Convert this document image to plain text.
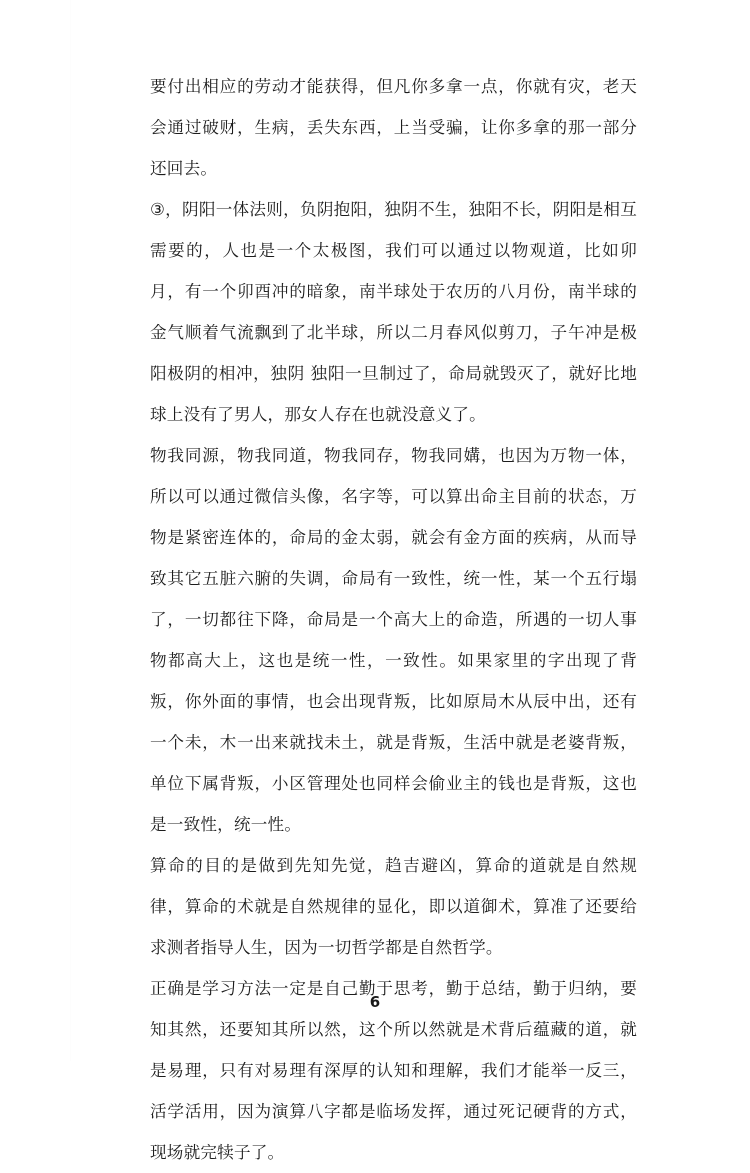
要付出相应的劳动才能获得，但凡你多拿一点，你就有灾，老天会通过破财，生病，丢失东西，上当受骗，让你多拿的那一部分还回去。

③，阴阳一体法则，负阴抱阳，独阴不生，独阳不长，阴阳是相互需要的，人也是一个太极图，我们可以通过以物观道，比如卯月，有一个卯酉冲的暗象，南半球处于农历的八月份，南半球的金气顺着气流飘到了北半球，所以二月春风似剪刀，子午冲是极阳极阴的相冲，独阴 独阳一旦制过了，命局就毁灭了，就好比地球上没有了男人，那女人存在也就没意义了。

物我同源，物我同道，物我同存，物我同媾，也因为万物一体，所以可以通过微信头像，名字等，可以算出命主目前的状态，万物是紧密连体的，命局的金太弱，就会有金方面的疾病，从而导致其它五脏六腑的失调，命局有一致性，统一性，某一个五行塌了，一切都往下降，命局是一个高大上的命造，所遇的一切人事物都高大上，这也是统一性，一致性。如果家里的字出现了背叛，你外面的事情，也会出现背叛，比如原局木从辰中出，还有一个未，木一出来就找未土，就是背叛，生活中就是老婆背叛，单位下属背叛，小区管理处也同样会偷业主的钱也是背叛，这也是一致性，统一性。

算命的目的是做到先知先觉，趋吉避凶，算命的道就是自然规律，算命的术就是自然规律的显化，即以道御术，算准了还要给求测者指导人生，因为一切哲学都是自然哲学。

正确是学习方法一定是自己勤于思考，勤于总结，勤于归纳，要知其然，还要知其所以然，这个所以然就是术背后蕴藏的道，就是易理，只有对易理有深厚的认知和理解，我们才能举一反三，活学活用，因为演算八字都是临场发挥，通过死记硬背的方式，现场就完犊子了。

6
